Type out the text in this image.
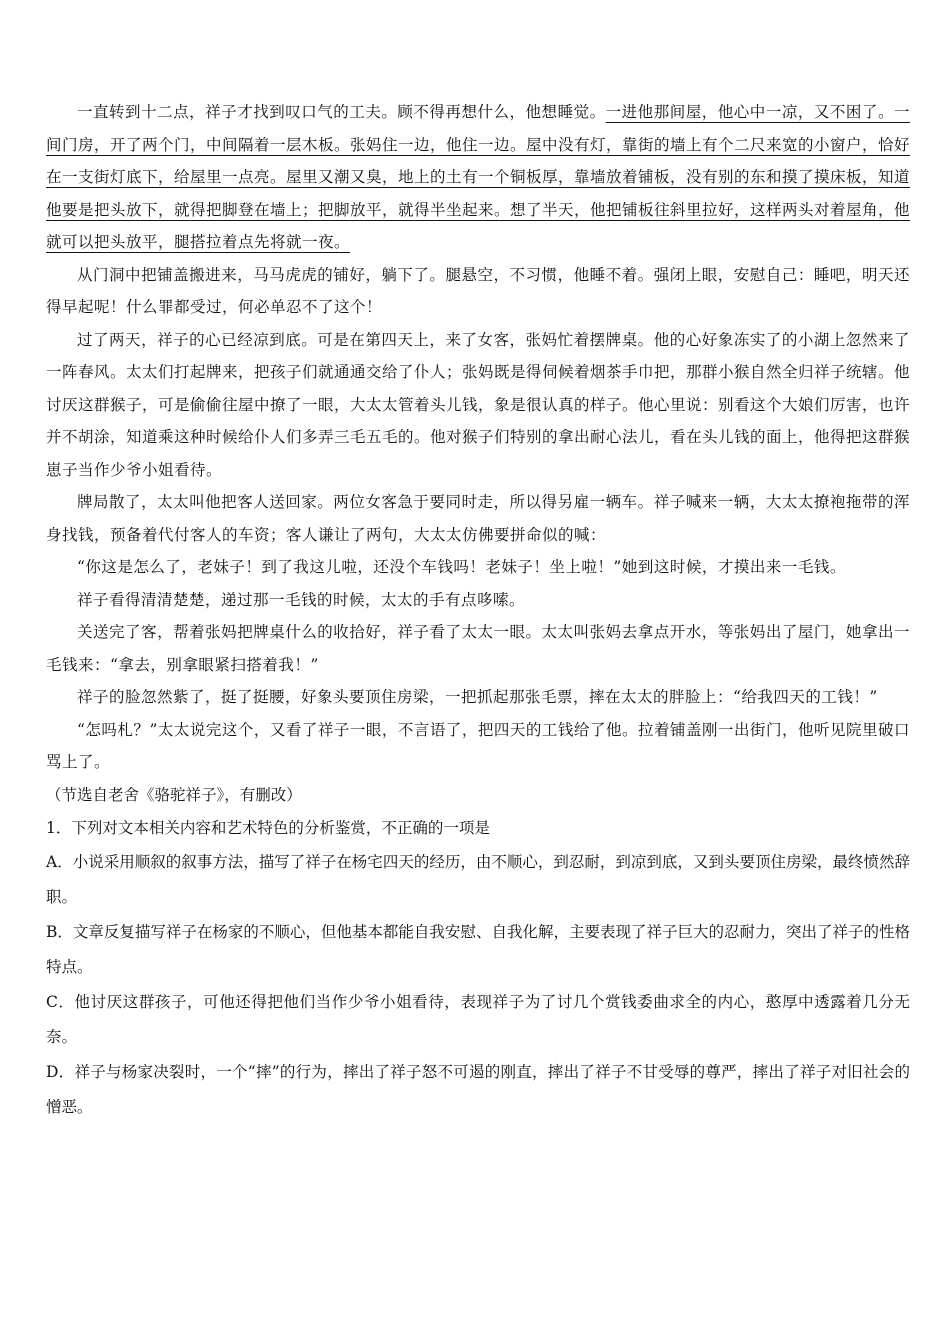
一直转到十二点，祥子才找到叹口气的工夫。顾不得再想什么，他想睡觉。一进他那间屋，他心中一凉，又不困了。一间门房，开了两个门，中间隔着一层木板。张妈住一边，他住一边。屋中没有灯，靠街的墙上有个二尺来宽的小窗户，恰好在一支街灯底下，给屋里一点亮。屋里又潮又臭，地上的土有一个铜板厚，靠墙放着铺板，没有别的东和摸了摸床板，知道他要是把头放下，就得把脚登在墙上；把脚放平，就得半坐起来。想了半天，他把铺板往斜里拉好，这样两头对着屋角，他就可以把头放平，腿搭拉着点先将就一夜。

从门洞中把铺盖搬进来，马马虎虎的铺好，躺下了。腿悬空，不习惯，他睡不着。强闭上眼，安慰自己：睡吧，明天还得早起呢！什么罪都受过，何必单忍不了这个！

过了两天，祥子的心已经凉到底。可是在第四天上，来了女客，张妈忙着摆牌桌。他的心好象冻实了的小湖上忽然来了一阵春风。太太们打起牌来，把孩子们就通通交给了仆人；张妈既是得伺候着烟茶手巾把，那群小猴自然全归祥子统辖。他讨厌这群猴子，可是偷偷往屋中撩了一眼，大太太管着头儿钱，象是很认真的样子。他心里说：别看这个大娘们厉害，也许并不胡涂，知道乘这种时候给仆人们多弄三毛五毛的。他对猴子们特别的拿出耐心法儿，看在头儿钱的面上，他得把这群猴崽子当作少爷小姐看待。

牌局散了，太太叫他把客人送回家。两位女客急于要同时走，所以得另雇一辆车。祥子喊来一辆，大太太撩袍拖带的浑身找钱，预备着代付客人的车资；客人谦让了两句，大太太仿佛要拼命似的喊：

“你这是怎么了，老妹子！到了我这儿啦，还没个车钱吗！老妹子！坐上啦！”她到这时候，才摸出来一毛钱。

祥子看得清清楚楚，递过那一毛钱的时候，太太的手有点哆嗦。

关送完了客，帮着张妈把牌桌什么的收拾好，祥子看了太太一眼。太太叫张妈去拿点开水，等张妈出了屋门，她拿出一毛钱来：“拿去，别拿眼紧扫搭着我！”

祥子的脸忽然紫了，挺了挺腰，好象头要顶住房梁，一把抓起那张毛票，摔在太太的胖脸上：“给我四天的工钱！”

“怎吗札？”太太说完这个，又看了祥子一眼，不言语了，把四天的工钱给了他。拉着铺盖刚一出街门，他听见院里破口骂上了。

（节选自老舍《骆驼祥子》，有删改）

1．下列对文本相关内容和艺术特色的分析鉴赏，不正确的一项是

A．小说采用顺叙的叙事方法，描写了祥子在杨宅四天的经历，由不顺心，到忍耐，到凉到底，又到头要顶住房梁，最终愤然辞职。

B．文章反复描写祥子在杨家的不顺心，但他基本都能自我安慰、自我化解，主要表现了祥子巨大的忍耐力，突出了祥子的性格特点。

C．他讨厌这群孩子，可他还得把他们当作少爷小姐看待，表现祥子为了讨几个赏钱委曲求全的内心，憨厚中透露着几分无奈。

D．祥子与杨家决裂时，一个“摔”的行为，摔出了祥子怒不可遏的刚直，摔出了祥子不甘受辱的尊严，摔出了祥子对旧社会的憎恶。
